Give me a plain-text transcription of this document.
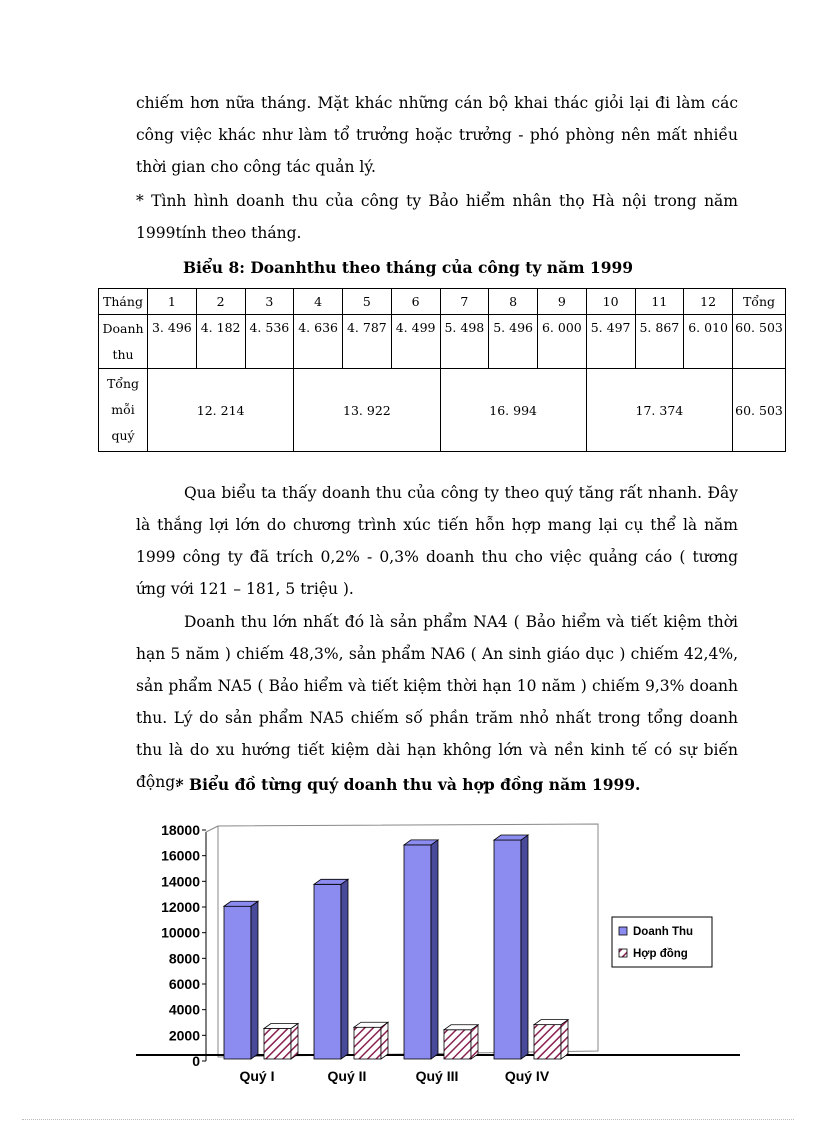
chiếm hơn nữa tháng. Mặt khác những cán bộ khai thác giỏi lại đi làm các công việc khác như làm tổ trưởng hoặc trưởng - phó phòng nên mất nhiều thời gian cho công tác quản lý.
* Tình hình doanh thu của công ty Bảo hiểm nhân thọ Hà nội trong năm 1999tính theo tháng.
Biểu 8: Doanhthu theo tháng của công ty năm 1999
Tháng	1	2	3	4	5	6	7	8	9	10	11	12	Tổng
Doanh thu	3. 496	4. 182	4. 536	4. 636	4. 787	4. 499	5. 498	5. 496	6. 000	5. 497	5. 867	6. 010	60. 503
Tổng mỗi quý	12. 214			13. 922			16. 994			17. 374			60. 503
Qua biểu ta thấy doanh thu của công ty theo quý tăng rất nhanh. Đây là thắng lợi lớn do chương trình xúc tiến hỗn hợp mang lại cụ thể là năm 1999 công ty đã trích 0,2% - 0,3% doanh thu cho việc quảng cáo ( tương ứng với 121 – 181, 5 triệu ).
Doanh thu lớn nhất đó là sản phẩm NA4 ( Bảo hiểm và tiết kiệm thời hạn 5 năm ) chiếm 48,3%, sản phẩm NA6 ( An sinh giáo dục ) chiếm 42,4%, sản phẩm NA5 ( Bảo hiểm và tiết kiệm thời hạn 10 năm ) chiếm 9,3% doanh thu. Lý do sản phẩm NA5 chiếm số phần trăm nhỏ nhất trong tổng doanh thu là do xu hướng tiết kiệm dài hạn không lớn và nền kinh tế có sự biến động.
* Biểu đồ từng quý doanh thu và hợp đồng năm 1999.
0
2000
4000
6000
8000
10000
12000
14000
16000
18000
Quý I	Quý II	Quý III	Quý IV
Doanh Thu
Hợp đồng
